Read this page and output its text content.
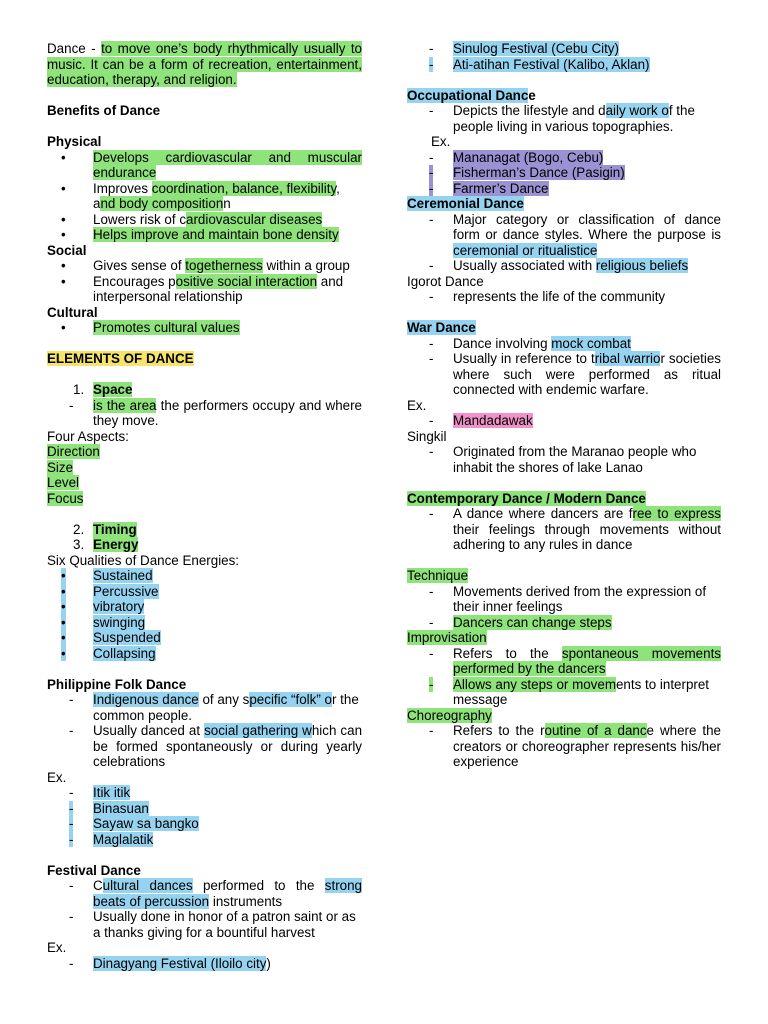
Dance - to move one’s body rhythmically usually to music. It can be a form of recreation, entertainment, education, therapy, and religion.

Benefits of Dance
Physical
• Develops cardiovascular and muscular endurance
• Improves coordination, balance, flexibility, and body compositionn
• Lowers risk of cardiovascular diseases
• Helps improve and maintain bone density
Social
• Gives sense of togetherness within a group
• Encourages positive social interaction and interpersonal relationship
Cultural
• Promotes cultural values
ELEMENTS OF DANCE
1. Space
- is the area the performers occupy and where they move.
Four Aspects:
Direction
Size
Level
Focus
2. Timing
3. Energy
Six Qualities of Dance Energies:
• Sustained
• Percussive
• vibratory
• swinging
• Suspended
• Collapsing
Philippine Folk Dance
- Indigenous dance of any specific “folk” or the common people.
- Usually danced at social gathering which can be formed spontaneously or during yearly celebrations
Ex.
- Itik itik
- Binasuan
- Sayaw sa bangko
- Maglalatik
Festival Dance
- Cultural dances performed to the strong beats of percussion instruments
- Usually done in honor of a patron saint or as a thanks giving for a bountiful harvest
Ex.
- Dinagyang Festival (Iloilo city)
- Sinulog Festival (Cebu City)
- Ati-atihan Festival (Kalibo, Aklan)
Occupational Dance
- Depicts the lifestyle and daily work of the people living in various topographies.
Ex.
- Mananagat (Bogo, Cebu)
- Fisherman’s Dance (Pasigin)
- Farmer’s Dance
Ceremonial Dance
- Major category or classification of dance form or dance styles. Where the purpose is ceremonial or ritualistice
- Usually associated with religious beliefs
Igorot Dance
- represents the life of the community
War Dance
- Dance involving mock combat
- Usually in reference to tribal warrior societies where such were performed as ritual connected with endemic warfare.
Ex.
- Mandadawak
Singkil
- Originated from the Maranao people who inhabit the shores of lake Lanao
Contemporary Dance / Modern Dance
- A dance where dancers are free to express their feelings through movements without adhering to any rules in dance
Technique
- Movements derived from the expression of their inner feelings
- Dancers can change steps
Improvisation
- Refers to the spontaneous movements performed by the dancers
- Allows any steps or movements to interpret message
Choreography
- Refers to the routine of a dance where the creators or choreographer represents his/her experience
